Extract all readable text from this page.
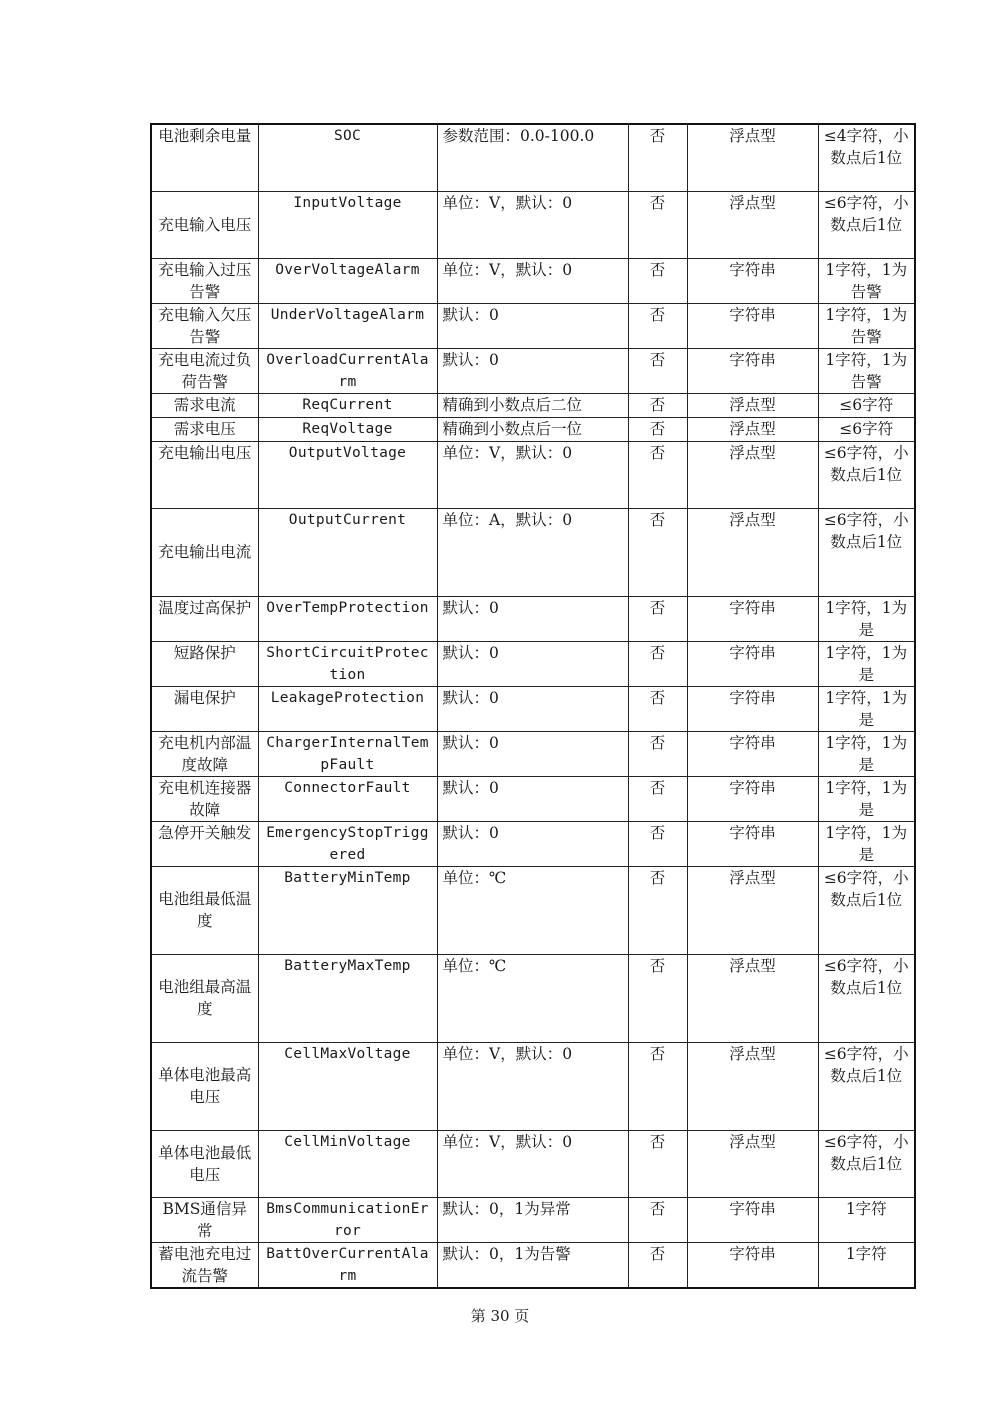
电池剩余电量	SOC	参数范围：0.0-100.0	否	浮点型	≤4字符，小数点后1位
充电输入电压	InputVoltage	单位：V，默认：0	否	浮点型	≤6字符，小数点后1位
充电输入过压告警	OverVoltageAlarm	单位：V，默认：0	否	字符串	1字符，1为告警
充电输入欠压告警	UnderVoltageAlarm	默认：0	否	字符串	1字符，1为告警
充电电流过负荷告警	OverloadCurrentAlarm	默认：0	否	字符串	1字符，1为告警
需求电流	ReqCurrent	精确到小数点后二位	否	浮点型	≤6字符
需求电压	ReqVoltage	精确到小数点后一位	否	浮点型	≤6字符
充电输出电压	OutputVoltage	单位：V，默认：0	否	浮点型	≤6字符，小数点后1位
充电输出电流	OutputCurrent	单位：A，默认：0	否	浮点型	≤6字符，小数点后1位
温度过高保护	OverTempProtection	默认：0	否	字符串	1字符，1为是
短路保护	ShortCircuitProtection	默认：0	否	字符串	1字符，1为是
漏电保护	LeakageProtection	默认：0	否	字符串	1字符，1为是
充电机内部温度故障	ChargerInternalTempFault	默认：0	否	字符串	1字符，1为是
充电机连接器故障	ConnectorFault	默认：0	否	字符串	1字符，1为是
急停开关触发	EmergencyStopTriggered	默认：0	否	字符串	1字符，1为是
电池组最低温度	BatteryMinTemp	单位：℃	否	浮点型	≤6字符，小数点后1位
电池组最高温度	BatteryMaxTemp	单位：℃	否	浮点型	≤6字符，小数点后1位
单体电池最高电压	CellMaxVoltage	单位：V，默认：0	否	浮点型	≤6字符，小数点后1位
单体电池最低电压	CellMinVoltage	单位：V，默认：0	否	浮点型	≤6字符，小数点后1位
BMS通信异常	BmsCommunicationError	默认：0，1为异常	否	字符串	1字符
蓄电池充电过流告警	BattOverCurrentAlarm	默认：0，1为告警	否	字符串	1字符
第 30 页
